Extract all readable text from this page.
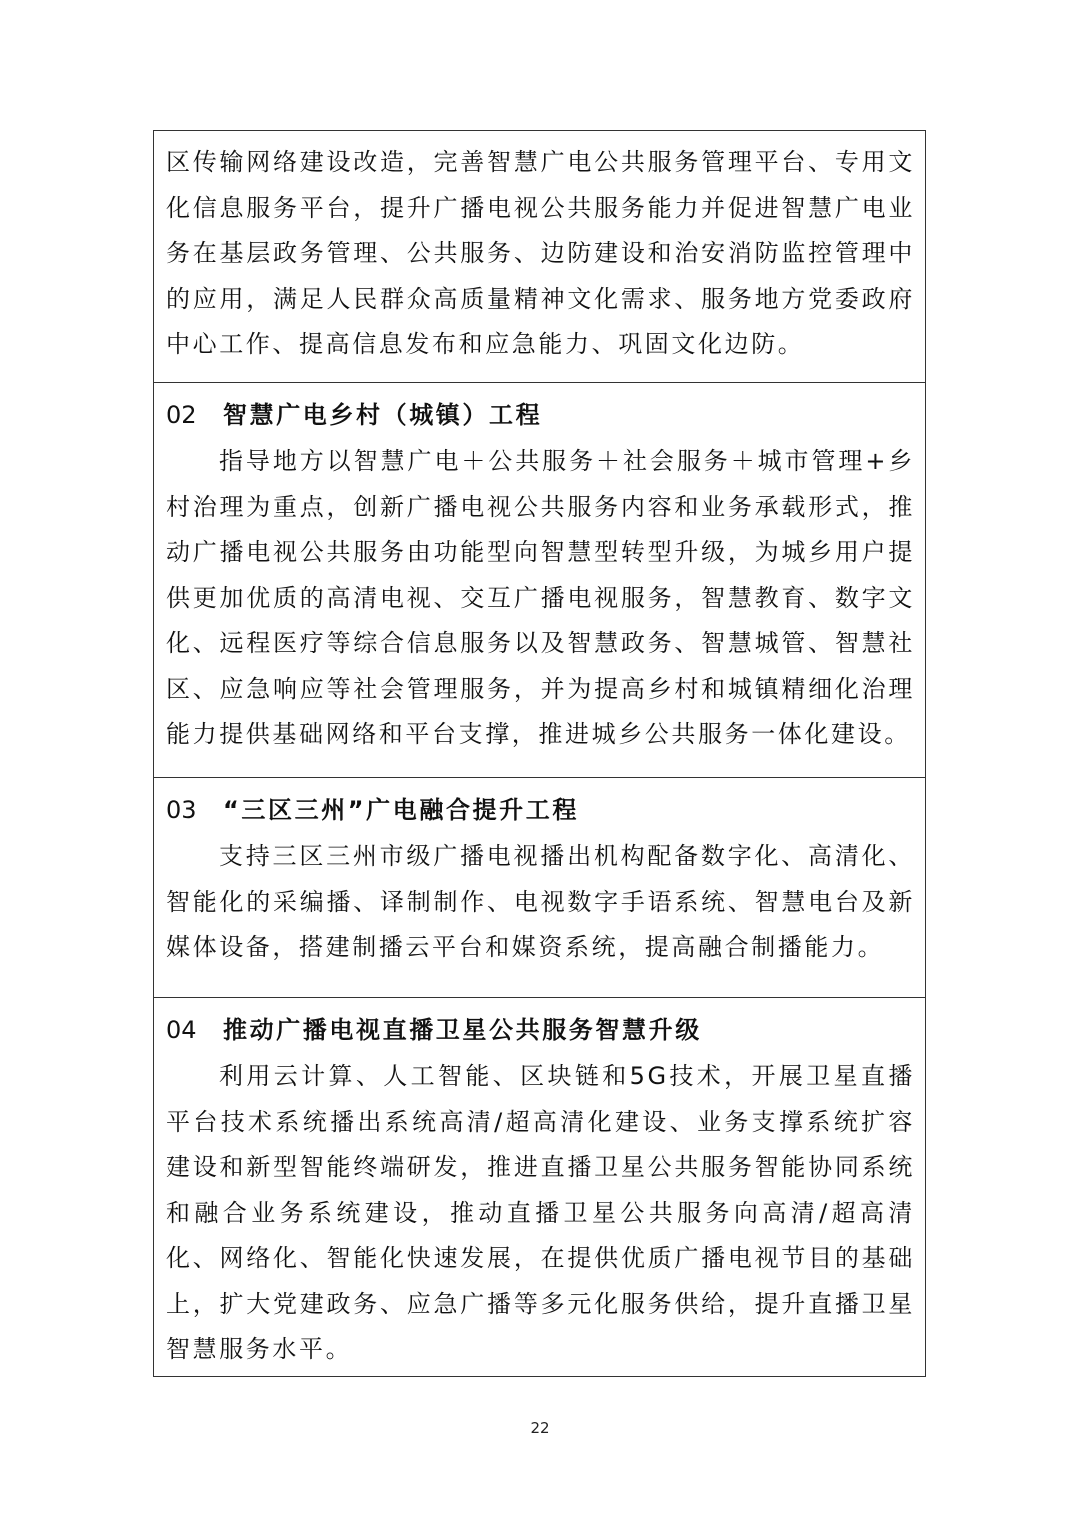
区传输网络建设改造，完善智慧广电公共服务管理平台、专用文化信息服务平台，提升广播电视公共服务能力并促进智慧广电业务在基层政务管理、公共服务、边防建设和治安消防监控管理中的应用，满足人民群众高质量精神文化需求、服务地方党委政府中心工作、提高信息发布和应急能力、巩固文化边防。

02 智慧广电乡村（城镇）工程

指导地方以智慧广电＋公共服务＋社会服务＋城市管理+乡村治理为重点，创新广播电视公共服务内容和业务承载形式，推动广播电视公共服务由功能型向智慧型转型升级，为城乡用户提供更加优质的高清电视、交互广播电视服务，智慧教育、数字文化、远程医疗等综合信息服务以及智慧政务、智慧城管、智慧社区、应急响应等社会管理服务，并为提高乡村和城镇精细化治理能力提供基础网络和平台支撑，推进城乡公共服务一体化建设。

03 “三区三州”广电融合提升工程

支持三区三州市级广播电视播出机构配备数字化、高清化、智能化的采编播、译制制作、电视数字手语系统、智慧电台及新媒体设备，搭建制播云平台和媒资系统，提高融合制播能力。

04 推动广播电视直播卫星公共服务智慧升级

利用云计算、人工智能、区块链和5G技术，开展卫星直播平台技术系统播出系统高清/超高清化建设、业务支撑系统扩容建设和新型智能终端研发，推进直播卫星公共服务智能协同系统和融合业务系统建设，推动直播卫星公共服务向高清/超高清化、网络化、智能化快速发展，在提供优质广播电视节目的基础上，扩大党建政务、应急广播等多元化服务供给，提升直播卫星智慧服务水平。

22
